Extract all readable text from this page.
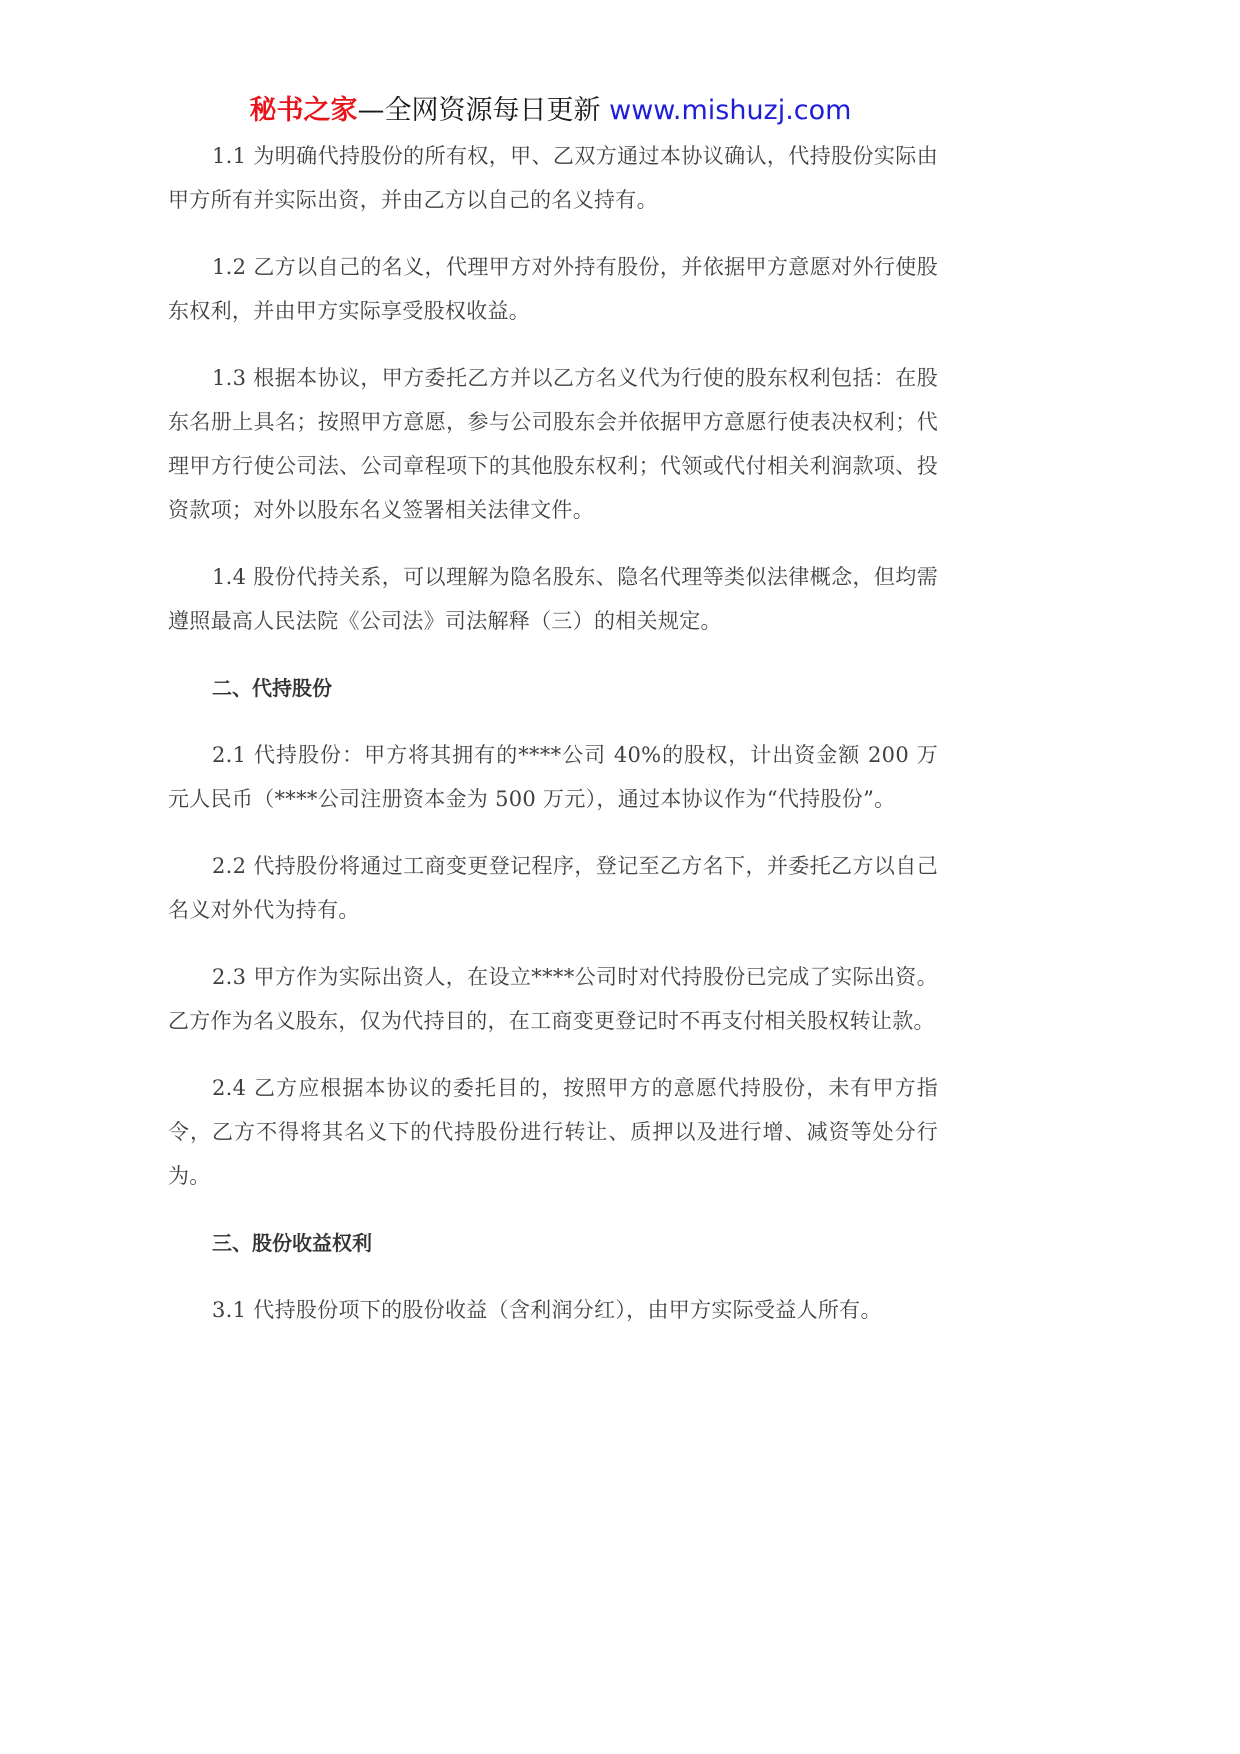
秘书之家—全网资源每日更新 www.mishuzj.com

1.1 为明确代持股份的所有权，甲、乙双方通过本协议确认，代持股份实际由甲方所有并实际出资，并由乙方以自己的名义持有。

1.2 乙方以自己的名义，代理甲方对外持有股份，并依据甲方意愿对外行使股东权利，并由甲方实际享受股权收益。

1.3 根据本协议，甲方委托乙方并以乙方名义代为行使的股东权利包括：在股东名册上具名；按照甲方意愿，参与公司股东会并依据甲方意愿行使表决权利；代理甲方行使公司法、公司章程项下的其他股东权利；代领或代付相关利润款项、投资款项；对外以股东名义签署相关法律文件。

1.4 股份代持关系，可以理解为隐名股东、隐名代理等类似法律概念，但均需遵照最高人民法院《公司法》司法解释（三）的相关规定。

二、代持股份

2.1 代持股份：甲方将其拥有的****公司 40%的股权，计出资金额 200 万元人民币（****公司注册资本金为 500 万元），通过本协议作为“代持股份”。

2.2 代持股份将通过工商变更登记程序，登记至乙方名下，并委托乙方以自己名义对外代为持有。

2.3 甲方作为实际出资人，在设立****公司时对代持股份已完成了实际出资。乙方作为名义股东，仅为代持目的，在工商变更登记时不再支付相关股权转让款。

2.4 乙方应根据本协议的委托目的，按照甲方的意愿代持股份，未有甲方指令，乙方不得将其名义下的代持股份进行转让、质押以及进行增、减资等处分行为。

三、股份收益权利

3.1 代持股份项下的股份收益（含利润分红），由甲方实际受益人所有。
